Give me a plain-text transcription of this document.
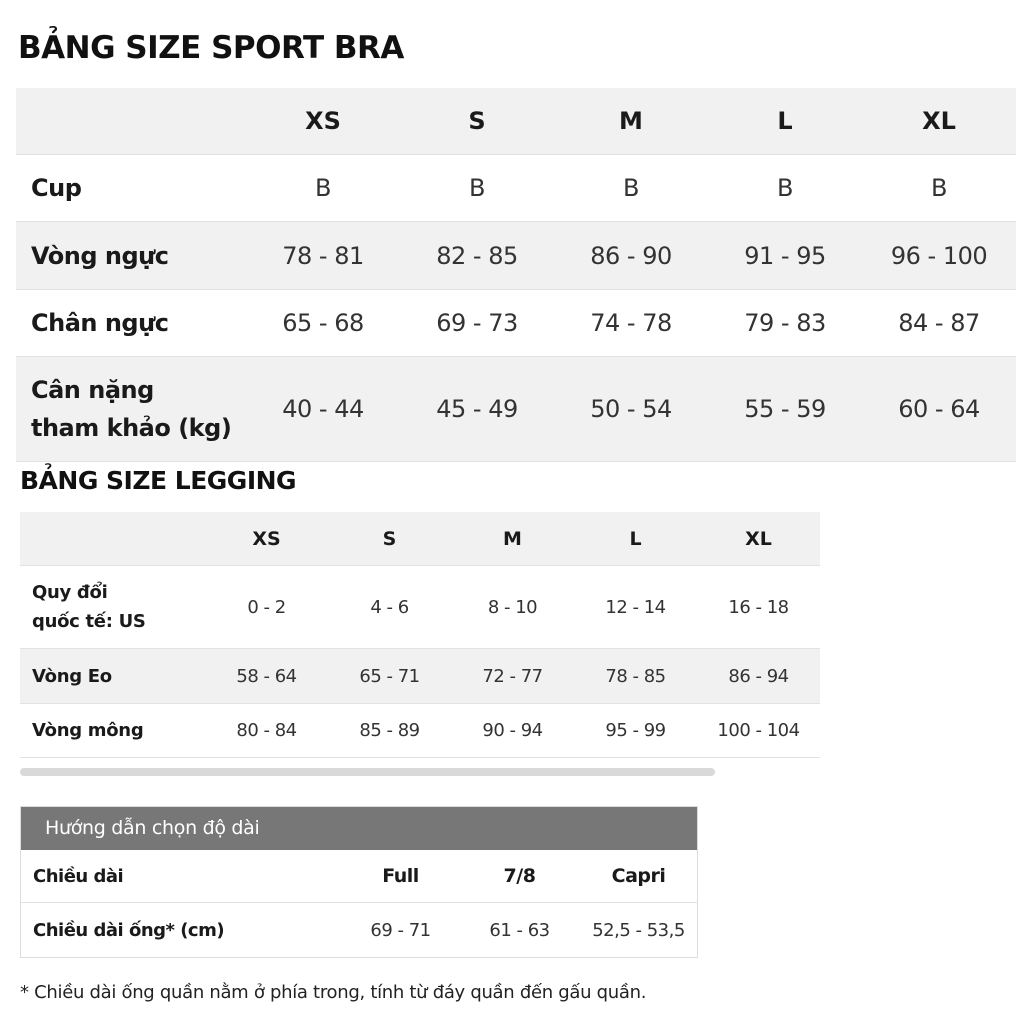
BẢNG SIZE SPORT BRA
	XS	S	M	L	XL
Cup	B	B	B	B	B
Vòng ngực	78 - 81	82 - 85	86 - 90	91 - 95	96 - 100
Chân ngực	65 - 68	69 - 73	74 - 78	79 - 83	84 - 87
Cân nặng
tham khảo (kg)	40 - 44	45 - 49	50 - 54	55 - 59	60 - 64
BẢNG SIZE LEGGING
	XS	S	M	L	XL
Quy đổi
quốc tế: US	0 - 2	4 - 6	8 - 10	12 - 14	16 - 18
Vòng Eo	58 - 64	65 - 71	72 - 77	78 - 85	86 - 94
Vòng mông	80 - 84	85 - 89	90 - 94	95 - 99	100 - 104
Hướng dẫn chọn độ dài
Chiều dài	Full	7/8	Capri
Chiều dài ống* (cm)	69 - 71	61 - 63	52,5 - 53,5
* Chiều dài ống quần nằm ở phía trong, tính từ đáy quần đến gấu quần.
